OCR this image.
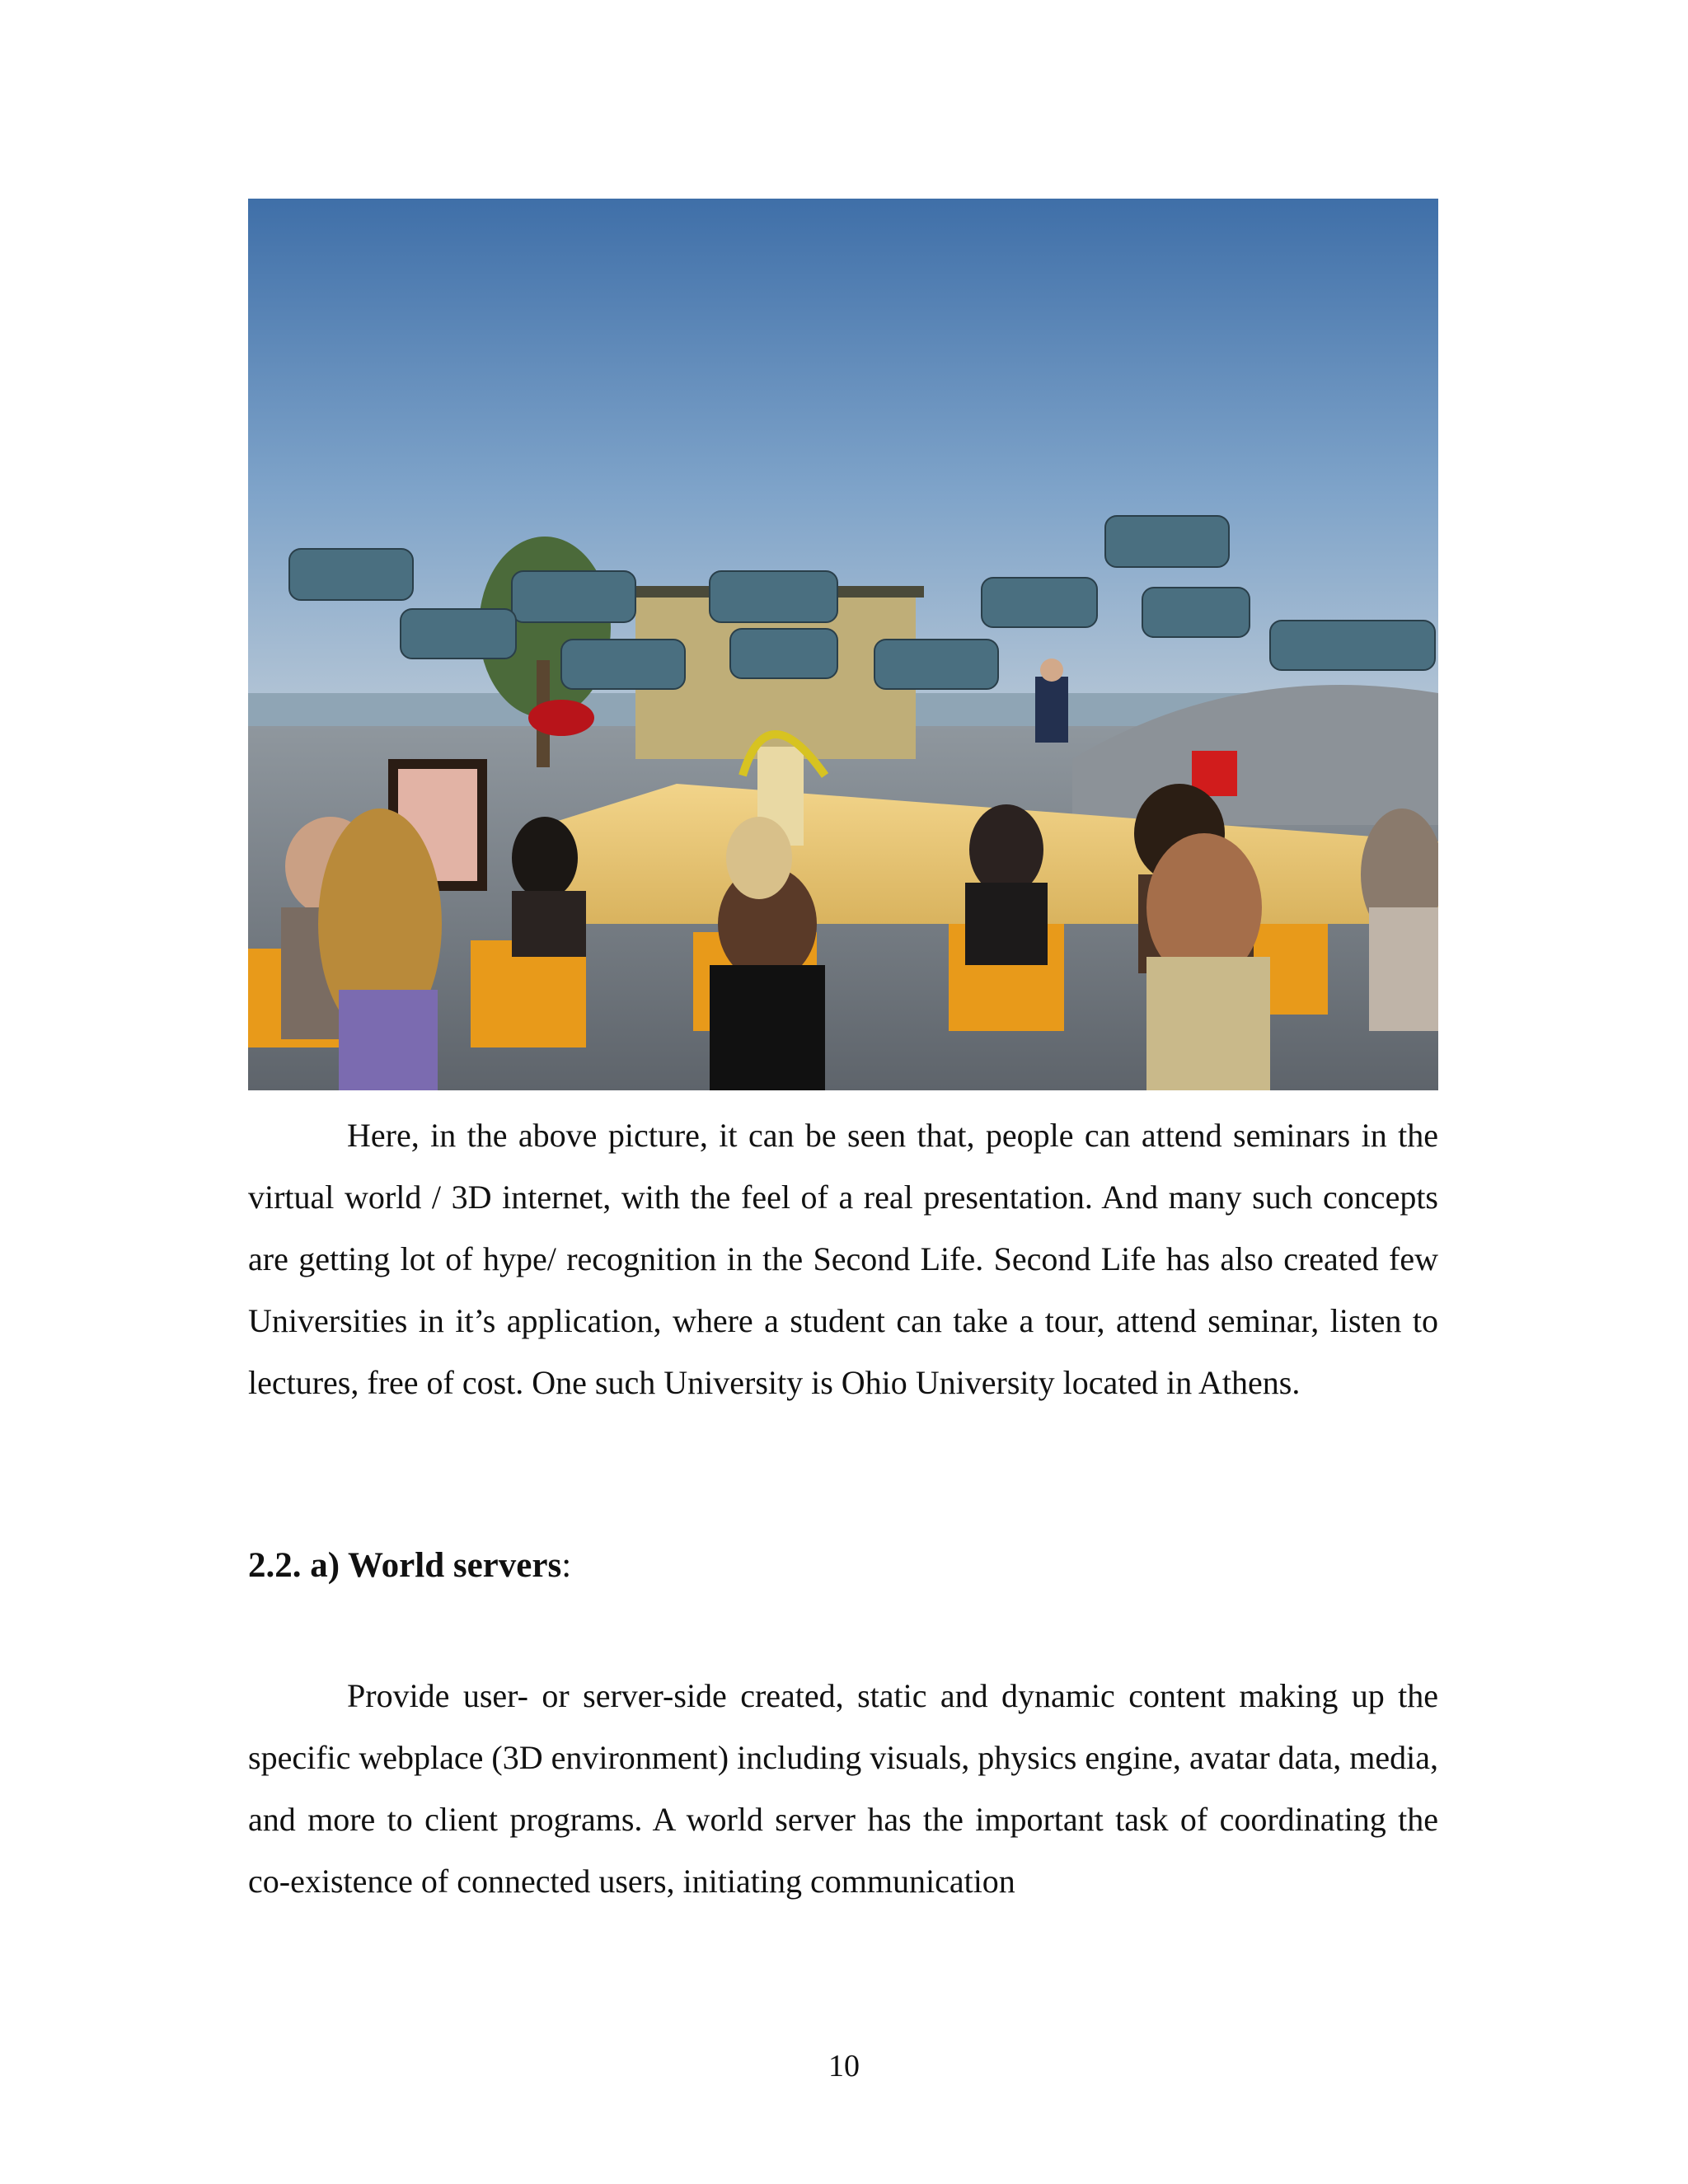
Here, in the above picture, it can be seen that, people can attend seminars in the virtual world / 3D internet, with the feel of a real presentation. And many such concepts are getting lot of hype/ recognition in the Second Life. Second Life has also created few Universities in it’s application, where a student can take a tour, attend seminar, listen to lectures, free of cost. One such University is Ohio University located in Athens.

2.2. a) World servers:

Provide user- or server-side created, static and dynamic content making up the specific webplace (3D environment) including visuals, physics engine, avatar data, media, and more to client programs. A world server has the important task of coordinating the co-existence of connected users, initiating communication

10
